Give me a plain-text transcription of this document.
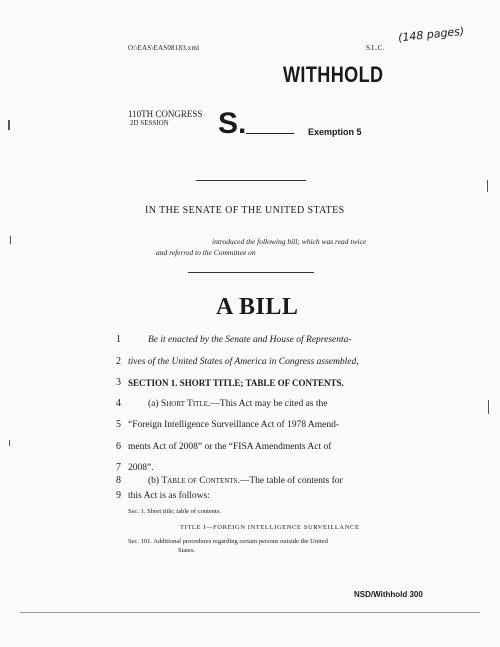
O:\EAS\EAS08183.xml
(148 pages)
S.L.C.
WITHHOLD
110TH CONGRESS
2D SESSION S.	Exemption 5
IN THE SENATE OF THE UNITED STATES
introduced the following bill; which was read twice
and referred to the Committee on
A BILL
1	Be it enacted by the Senate and House of Representa-
2 tives of the United States of America in Congress assembled,
3 SECTION 1. SHORT TITLE; TABLE OF CONTENTS.
4	(a) Short Title.—This Act may be cited as the
5 “Foreign Intelligence Surveillance Act of 1978 Amend-
6 ments Act of 2008” or the “FISA Amendments Act of
7 2008”.
8	(b) Table of Contents.—The table of contents for
9 this Act is as follows:
Sec. 1. Short title; table of contents.
TITLE I—FOREIGN INTELLIGENCE SURVEILLANCE
Sec. 101. Additional procedures regarding certain persons outside the United
States.
NSD/Withhold 300
